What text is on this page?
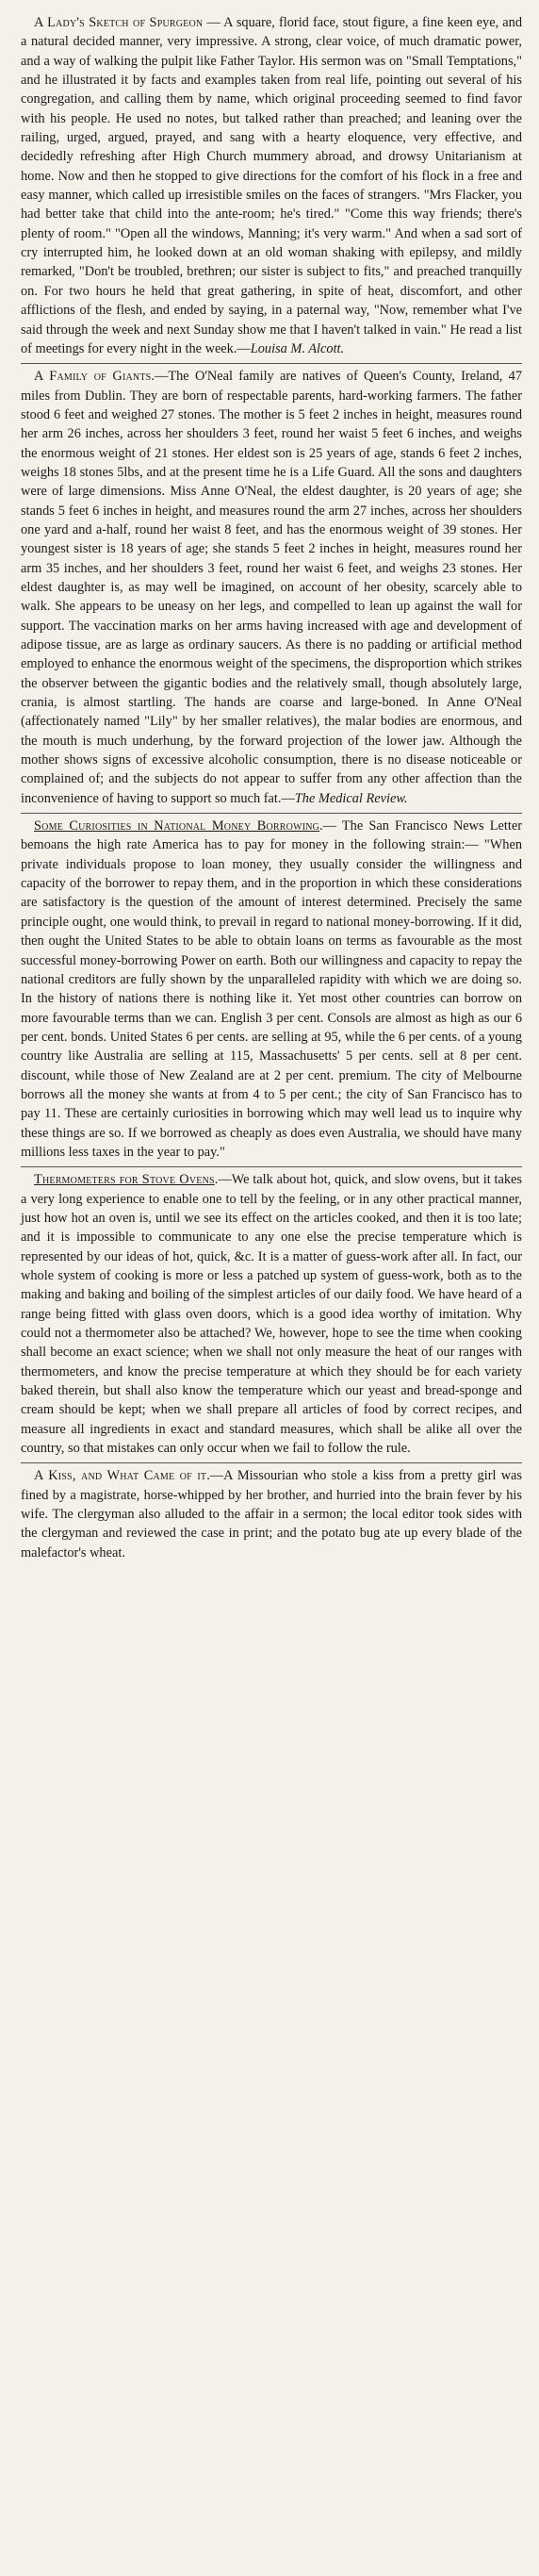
A Lady's Sketch of Spurgeon — A square, florid face, stout figure, a fine keen eye, and a natural decided manner, very impressive. A strong, clear voice, of much dramatic power, and a way of walking the pulpit like Father Taylor. His sermon was on "Small Temptations," and he illustrated it by facts and examples taken from real life, pointing out several of his congregation, and calling them by name, which original proceeding seemed to find favor with his people. He used no notes, but talked rather than preached; and leaning over the railing, urged, argued, prayed, and sang with a hearty eloquence, very effective, and decidedly refreshing after High Church mummery abroad, and drowsy Unitarianism at home. Now and then he stopped to give directions for the comfort of his flock in a free and easy manner, which called up irresistible smiles on the faces of strangers. "Mrs Flacker, you had better take that child into the ante-room; he's tired." "Come this way friends; there's plenty of room." "Open all the windows, Manning; it's very warm." And when a sad sort of cry interrupted him, he looked down at an old woman shaking with epilepsy, and mildly remarked, "Don't be troubled, brethren; our sister is subject to fits," and preached tranquilly on. For two hours he held that great gathering, in spite of heat, discomfort, and other afflictions of the flesh, and ended by saying, in a paternal way, "Now, remember what I've said through the week and next Sunday show me that I haven't talked in vain." He read a list of meetings for every night in the week.—Louisa M. Alcott.

A Family of Giants.—The O'Neal family are natives of Queen's County, Ireland, 47 miles from Dublin. They are born of respectable parents, hard-working farmers. The father stood 6 feet and weighed 27 stones. The mother is 5 feet 2 inches in height, measures round her arm 26 inches, across her shoulders 3 feet, round her waist 5 feet 6 inches, and weighs the enormous weight of 21 stones. Her eldest son is 25 years of age, stands 6 feet 2 inches, weighs 18 stones 5lbs, and at the present time he is a Life Guard. All the sons and daughters were of large dimensions. Miss Anne O'Neal, the eldest daughter, is 20 years of age; she stands 5 feet 6 inches in height, and measures round the arm 27 inches, across her shoulders one yard and a-half, round her waist 8 feet, and has the enormous weight of 39 stones. Her youngest sister is 18 years of age; she stands 5 feet 2 inches in height, measures round her arm 35 inches, and her shoulders 3 feet, round her waist 6 feet, and weighs 23 stones. Her eldest daughter is, as may well be imagined, on account of her obesity, scarcely able to walk. She appears to be uneasy on her legs, and compelled to lean up against the wall for support. The vaccination marks on her arms having increased with age and development of adipose tissue, are as large as ordinary saucers. As there is no padding or artificial method employed to enhance the enormous weight of the specimens, the disproportion which strikes the observer between the gigantic bodies and the relatively small, though absolutely large, crania, is almost startling. The hands are coarse and large-boned. In Anne O'Neal (affectionately named "Lily" by her smaller relatives), the malar bodies are enormous, and the mouth is much underhung, by the forward projection of the lower jaw. Although the mother shows signs of excessive alcoholic consumption, there is no disease noticeable or complained of; and the subjects do not appear to suffer from any other affection than the inconvenience of having to support so much fat.—The Medical Review.

Some Curiosities in National Money Borrowing.— The San Francisco News Letter bemoans the high rate America has to pay for money in the following strain:— "When private individuals propose to loan money, they usually consider the willingness and capacity of the borrower to repay them, and in the proportion in which these considerations are satisfactory is the question of the amount of interest determined. Precisely the same principle ought, one would think, to prevail in regard to national money-borrowing. If it did, then ought the United States to be able to obtain loans on terms as favourable as the most successful money-borrowing Power on earth. Both our willingness and capacity to repay the national creditors are fully shown by the unparalleled rapidity with which we are doing so. In the history of nations there is nothing like it. Yet most other countries can borrow on more favourable terms than we can. English 3 per cent. Consols are almost as high as our 6 per cent. bonds. United States 6 per cents. are selling at 95, while the 6 per cents. of a young country like Australia are selling at 115, Massachusetts' 5 per cents. sell at 8 per cent. discount, while those of New Zealand are at 2 per cent. premium. The city of Melbourne borrows all the money she wants at from 4 to 5 per cent.; the city of San Francisco has to pay 11. These are certainly curiosities in borrowing which may well lead us to inquire why these things are so. If we borrowed as cheaply as does even Australia, we should have many millions less taxes in the year to pay."

Thermometers for Stove Ovens.—We talk about hot, quick, and slow ovens, but it takes a very long experience to enable one to tell by the feeling, or in any other practical manner, just how hot an oven is, until we see its effect on the articles cooked, and then it is too late; and it is impossible to communicate to any one else the precise temperature which is represented by our ideas of hot, quick, &c. It is a matter of guess-work after all. In fact, our whole system of cooking is more or less a patched up system of guess-work, both as to the making and baking and boiling of the simplest articles of our daily food. We have heard of a range being fitted with glass oven doors, which is a good idea worthy of imitation. Why could not a thermometer also be attached? We, however, hope to see the time when cooking shall become an exact science; when we shall not only measure the heat of our ranges with thermometers, and know the precise temperature at which they should be for each variety baked therein, but shall also know the temperature which our yeast and bread-sponge and cream should be kept; when we shall prepare all articles of food by correct recipes, and measure all ingredients in exact and standard measures, which shall be alike all over the country, so that mistakes can only occur when we fail to follow the rule.

A Kiss, and What Came of it.—A Missourian who stole a kiss from a pretty girl was fined by a magistrate, horse-whipped by her brother, and hurried into the brain fever by his wife. The clergyman also alluded to the affair in a sermon; the local editor took sides with the clergyman and reviewed the case in print; and the potato bug ate up every blade of the malefactor's wheat.
